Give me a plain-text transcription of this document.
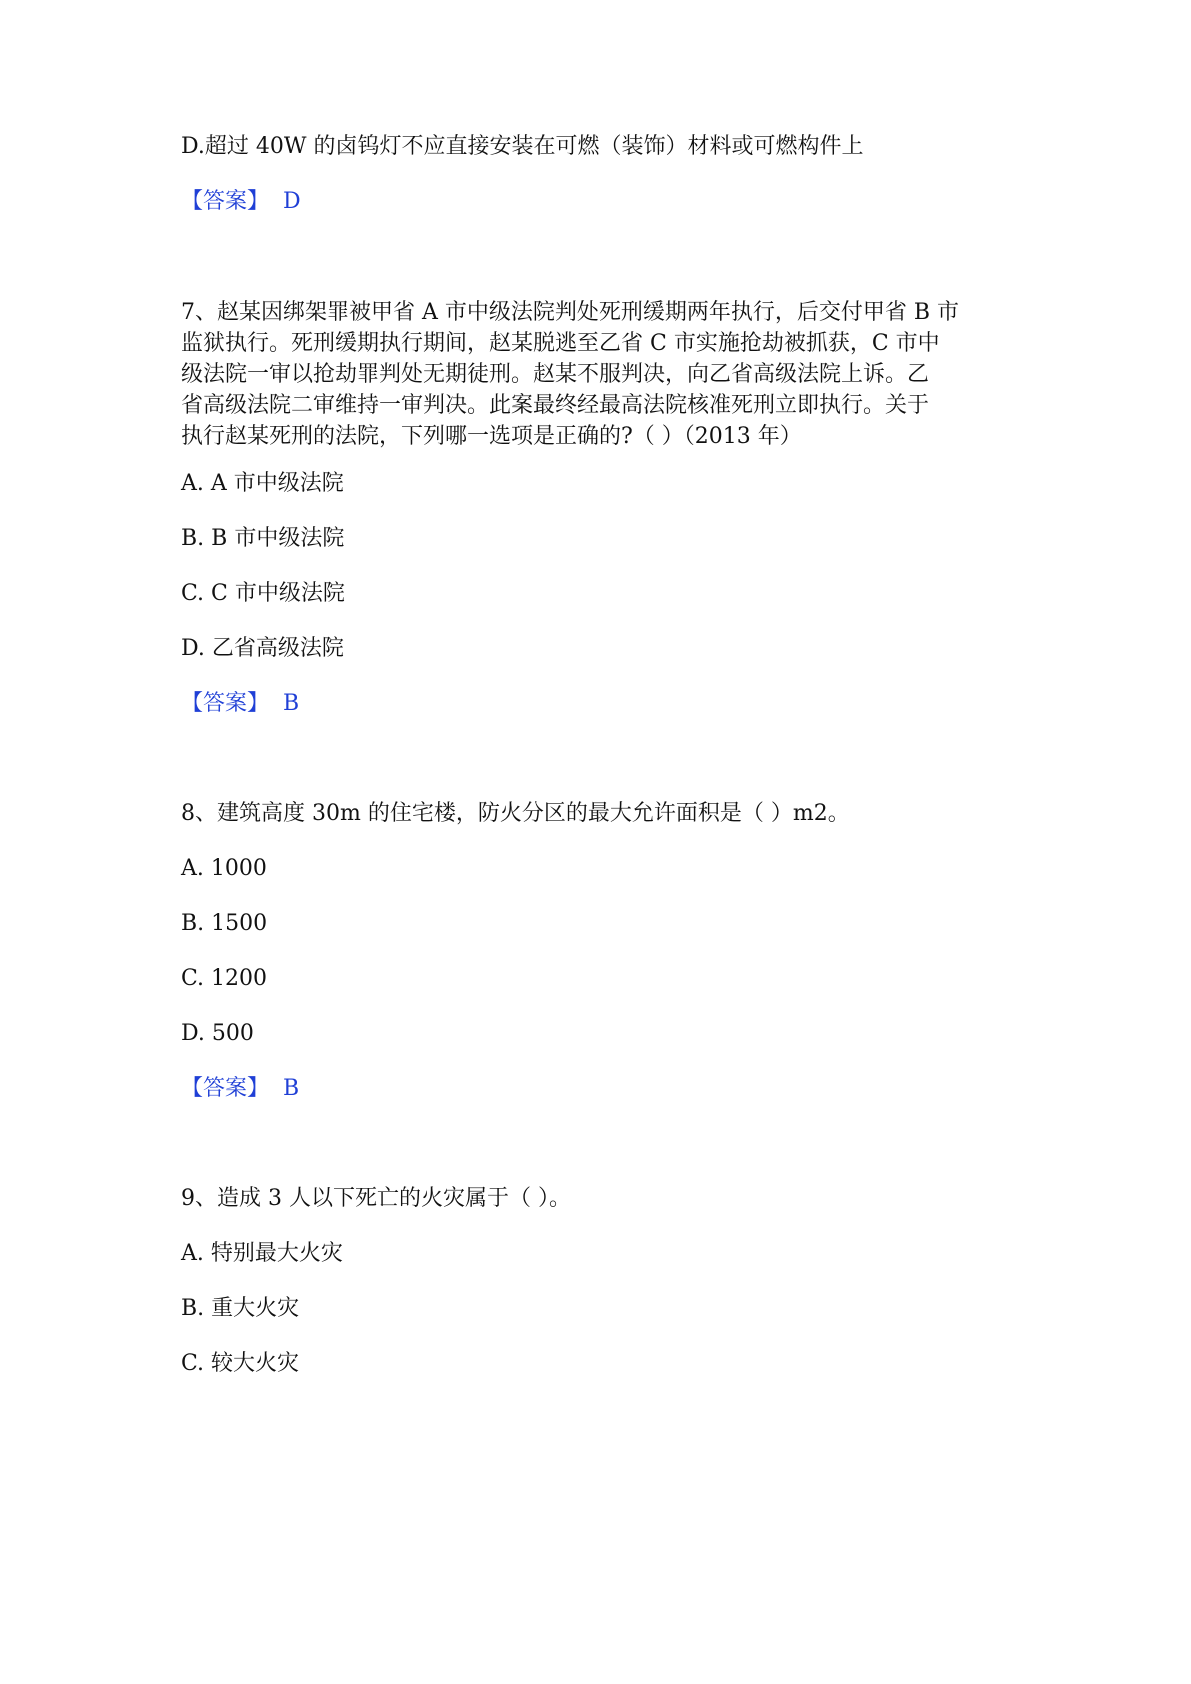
D.超过 40W 的卤钨灯不应直接安装在可燃（装饰）材料或可燃构件上
【答案】 D
7、赵某因绑架罪被甲省 A 市中级法院判处死刑缓期两年执行，后交付甲省 B 市
监狱执行。死刑缓期执行期间，赵某脱逃至乙省 C 市实施抢劫被抓获，C 市中
级法院一审以抢劫罪判处无期徒刑。赵某不服判决，向乙省高级法院上诉。乙
省高级法院二审维持一审判决。此案最终经最高法院核准死刑立即执行。关于
执行赵某死刑的法院，下列哪一选项是正确的?（ ）（2013 年）
A. A 市中级法院
B. B 市中级法院
C. C 市中级法院
D. 乙省高级法院
【答案】 B
8、建筑高度 30m 的住宅楼，防火分区的最大允许面积是（ ）m2。
A. 1000
B. 1500
C. 1200
D. 500
【答案】 B
9、造成 3 人以下死亡的火灾属于（ ）。
A. 特别最大火灾
B. 重大火灾
C. 较大火灾
